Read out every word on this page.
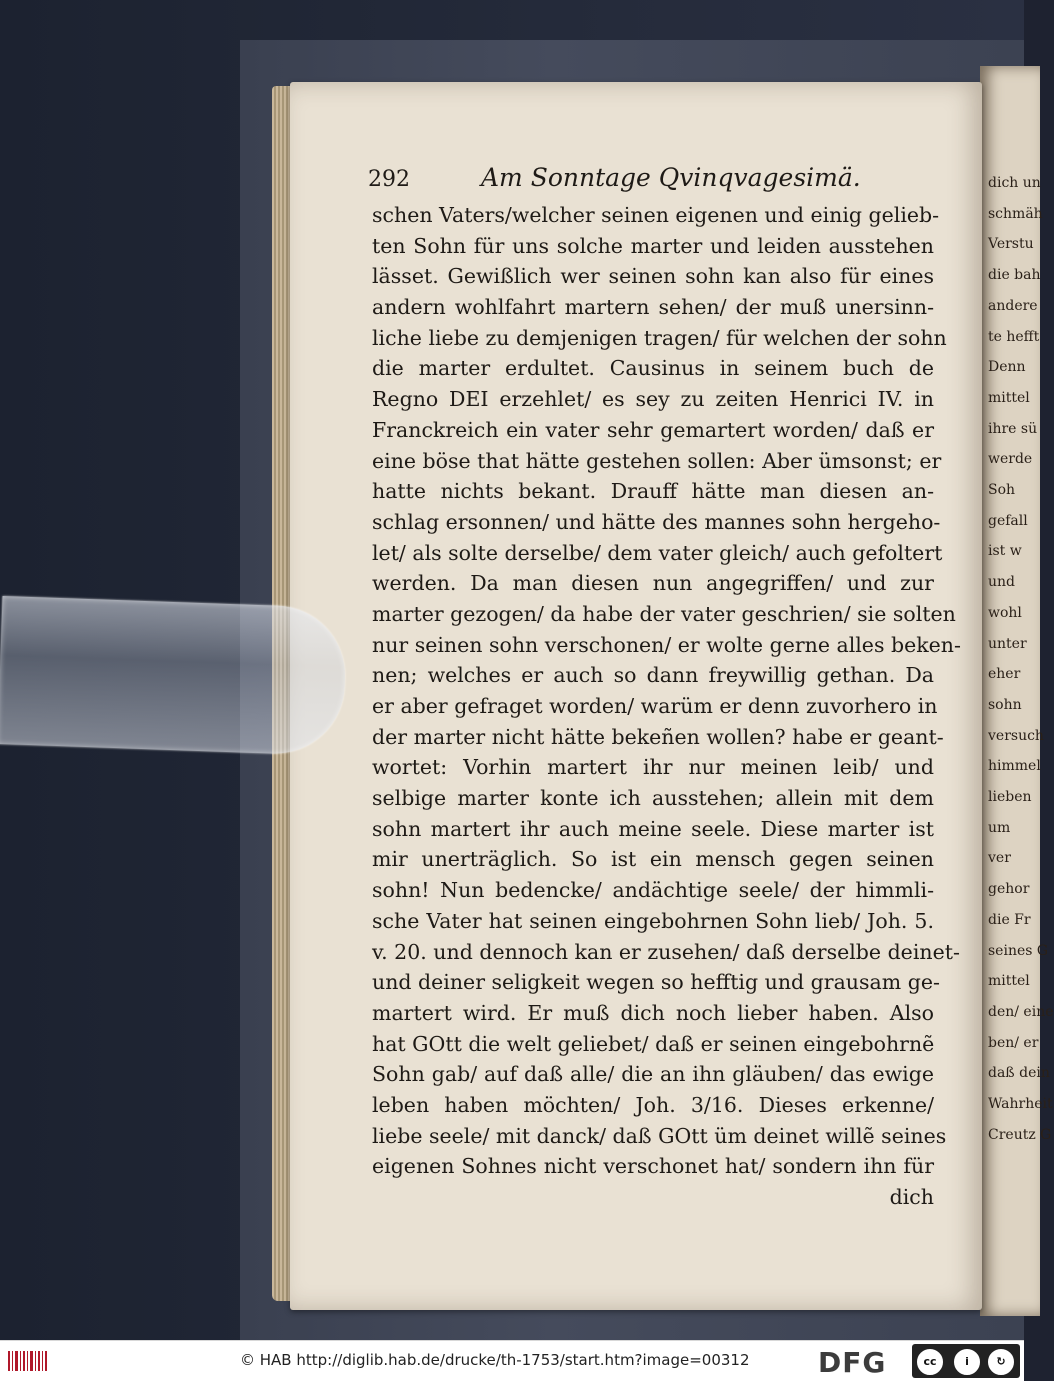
dich un
schmäh
Verstu
die bah
andere
te hefft
Denn
mittel
ihre sü
werde
Soh
gefall
ist w
und
wohl
unter
eher
sohn
versuch
himmel
lieben
um
ver
gehor
die Fr
seines G
mittel
den/ eine
ben/ er
daß dein
Wahrheit
Creutz G
292	Am Sonntage Qvinqvagesimä.
schen Vaters/welcher seinen eigenen und einig gelieb-
ten Sohn für uns solche marter und leiden ausstehen
lässet. Gewißlich wer seinen sohn kan also für eines
andern wohlfahrt martern sehen/ der muß unersinn-
liche liebe zu demjenigen tragen/ für welchen der sohn
die marter erdultet. Causinus in seinem buch de
Regno DEI erzehlet/ es sey zu zeiten Henrici IV. in
Franckreich ein vater sehr gemartert worden/ daß er
eine böse that hätte gestehen sollen: Aber ümsonst; er
hatte nichts bekant. Drauff hätte man diesen an-
schlag ersonnen/ und hätte des mannes sohn hergeho-
let/ als solte derselbe/ dem vater gleich/ auch gefoltert
werden. Da man diesen nun angegriffen/ und zur
marter gezogen/ da habe der vater geschrien/ sie solten
nur seinen sohn verschonen/ er wolte gerne alles beken-
nen; welches er auch so dann freywillig gethan. Da
er aber gefraget worden/ warüm er denn zuvorhero in
der marter nicht hätte bekeñen wollen? habe er geant-
wortet: Vorhin martert ihr nur meinen leib/ und
selbige marter konte ich ausstehen; allein mit dem
sohn martert ihr auch meine seele. Diese marter ist
mir unerträglich. So ist ein mensch gegen seinen
sohn! Nun bedencke/ andächtige seele/ der himmli-
sche Vater hat seinen eingebohrnen Sohn lieb/ Joh. 5.
v. 20. und dennoch kan er zusehen/ daß derselbe deinet-
und deiner seligkeit wegen so hefftig und grausam ge-
martert wird. Er muß dich noch lieber haben. Also
hat GOtt die welt geliebet/ daß er seinen eingebohrnẽ
Sohn gab/ auf daß alle/ die an ihn gläuben/ das ewige
leben haben möchten/ Joh. 3/16. Dieses erkenne/
liebe seele/ mit danck/ daß GOtt üm deinet willẽ seines
eigenen Sohnes nicht verschonet hat/ sondern ihn für
dich
© HAB http://diglib.hab.de/drucke/th-1753/start.htm?image=00312 DFG	cc	i	↻
BY	SA
